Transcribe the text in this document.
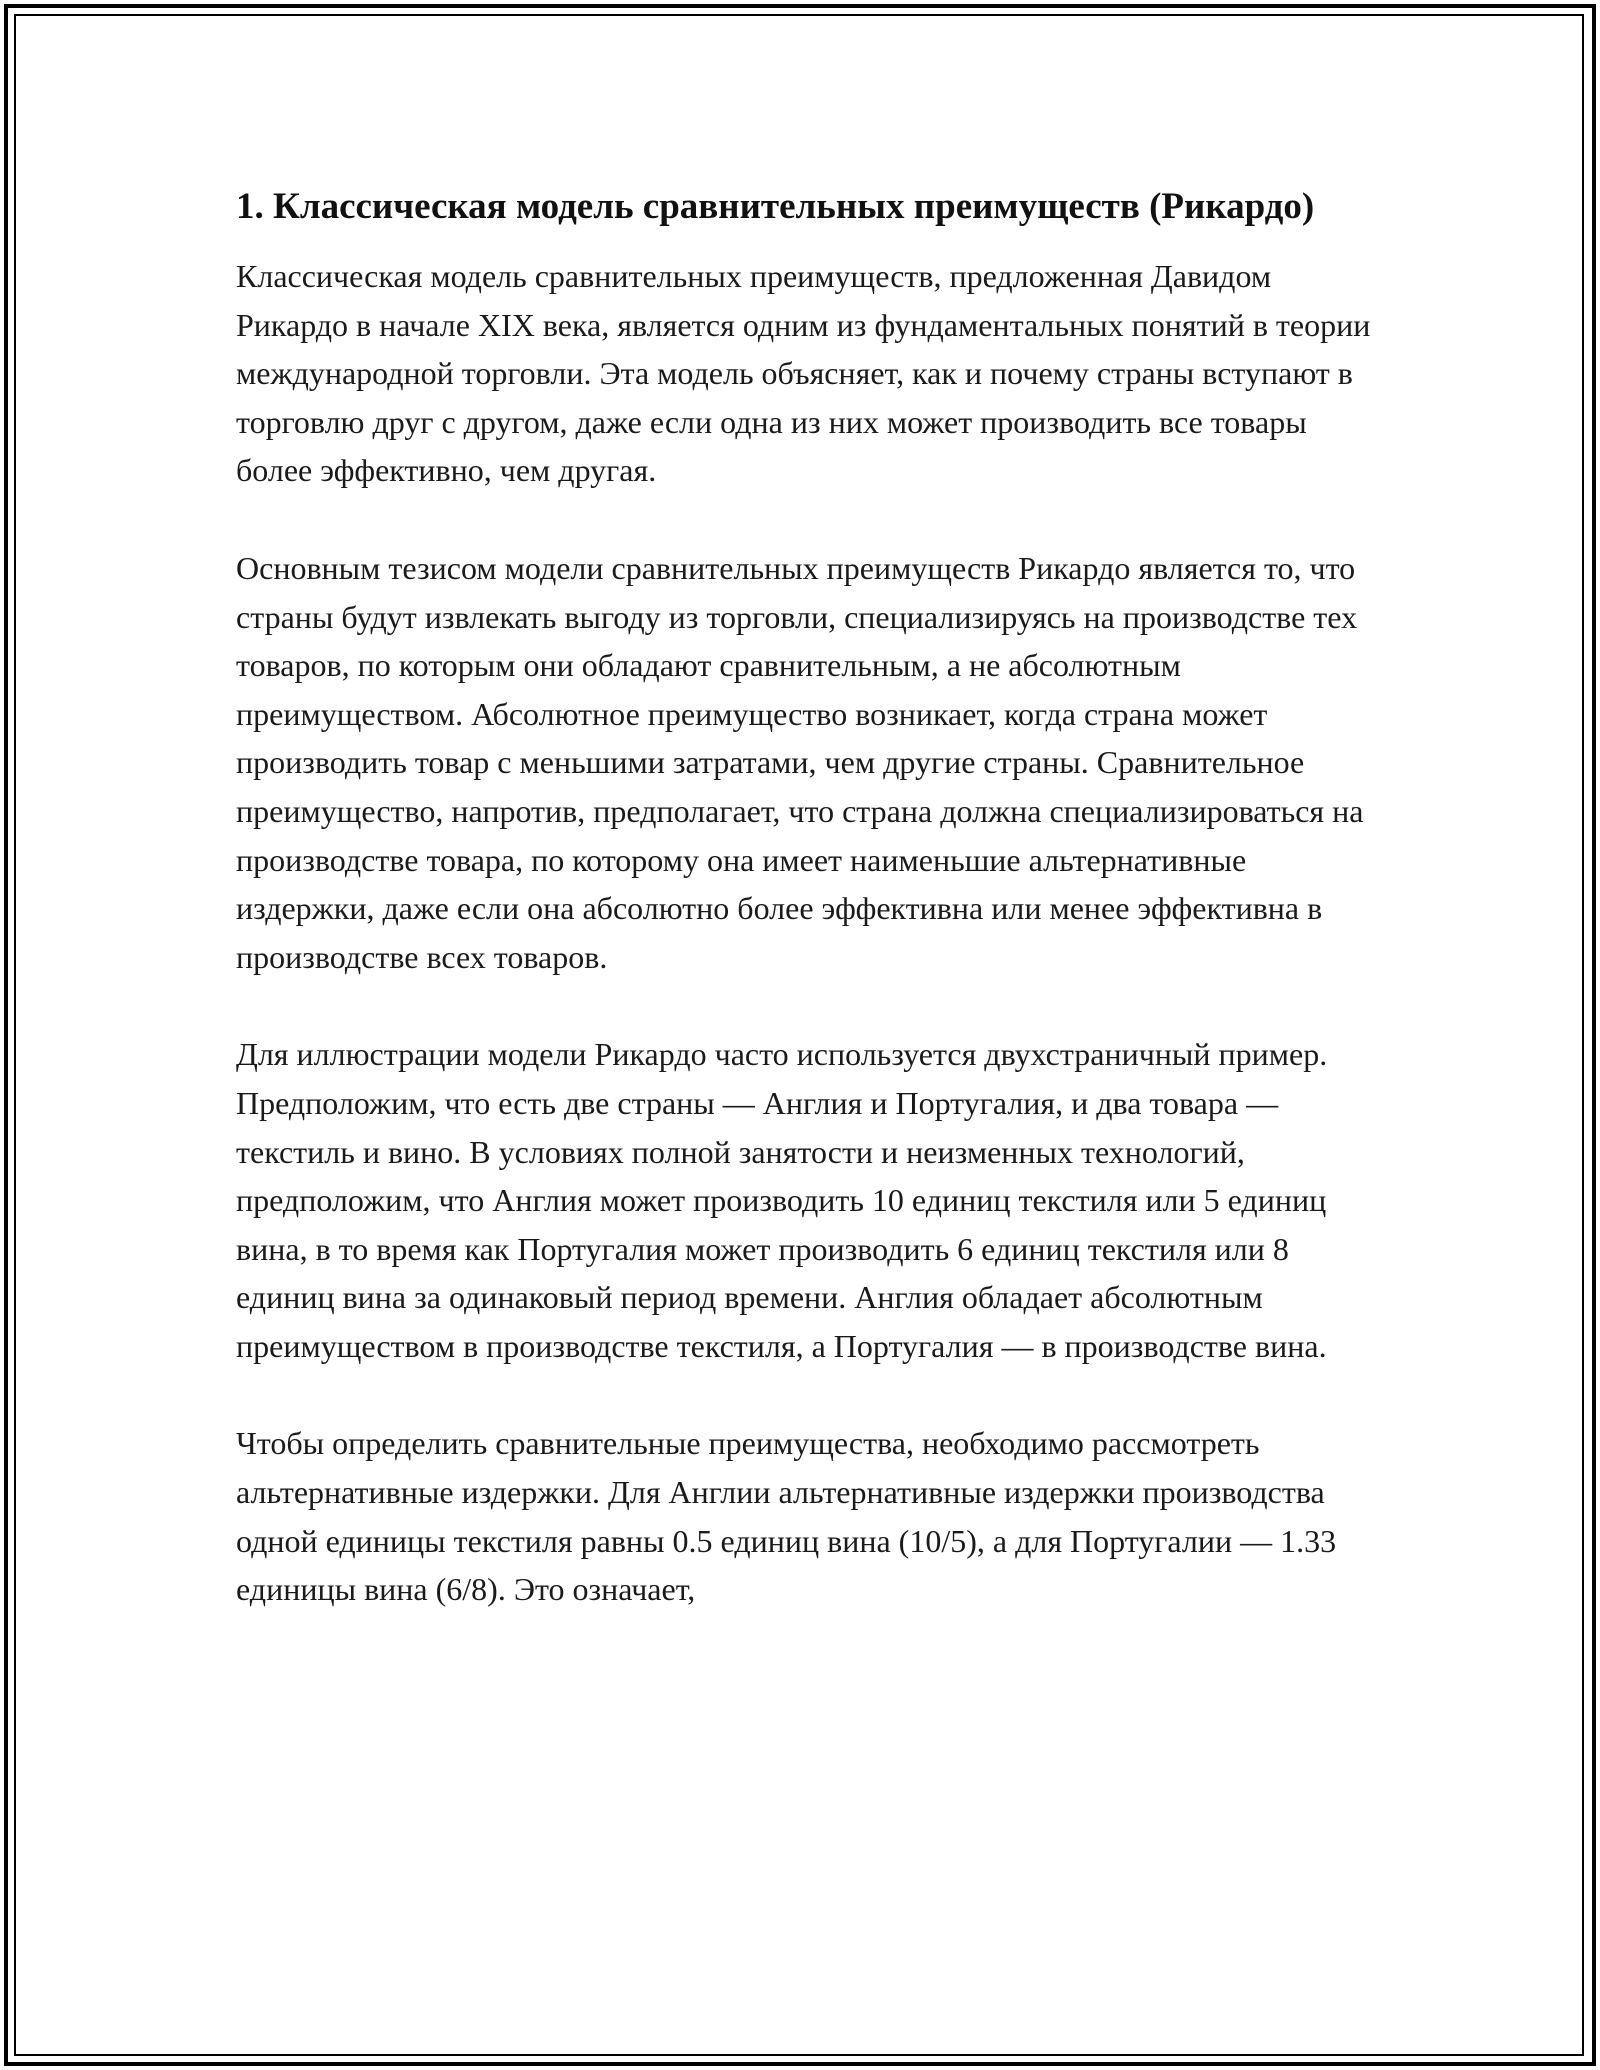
1. Классическая модель сравнительных преимуществ (Рикардо)

Классическая модель сравнительных преимуществ, предложенная Давидом Рикардо в начале XIX века, является одним из фундаментальных понятий в теории международной торговли. Эта модель объясняет, как и почему страны вступают в торговлю друг с другом, даже если одна из них может производить все товары более эффективно, чем другая.

Основным тезисом модели сравнительных преимуществ Рикардо является то, что страны будут извлекать выгоду из торговли, специализируясь на производстве тех товаров, по которым они обладают сравнительным, а не абсолютным преимуществом. Абсолютное преимущество возникает, когда страна может производить товар с меньшими затратами, чем другие страны. Сравнительное преимущество, напротив, предполагает, что страна должна специализироваться на производстве товара, по которому она имеет наименьшие альтернативные издержки, даже если она абсолютно более эффективна или менее эффективна в производстве всех товаров.

Для иллюстрации модели Рикардо часто используется двухстраничный пример. Предположим, что есть две страны — Англия и Португалия, и два товара — текстиль и вино. В условиях полной занятости и неизменных технологий, предположим, что Англия может производить 10 единиц текстиля или 5 единиц вина, в то время как Португалия может производить 6 единиц текстиля или 8 единиц вина за одинаковый период времени. Англия обладает абсолютным преимуществом в производстве текстиля, а Португалия — в производстве вина.

Чтобы определить сравнительные преимущества, необходимо рассмотреть альтернативные издержки. Для Англии альтернативные издержки производства одной единицы текстиля равны 0.5 единиц вина (10/5), а для Португалии — 1.33 единицы вина (6/8). Это означает,
